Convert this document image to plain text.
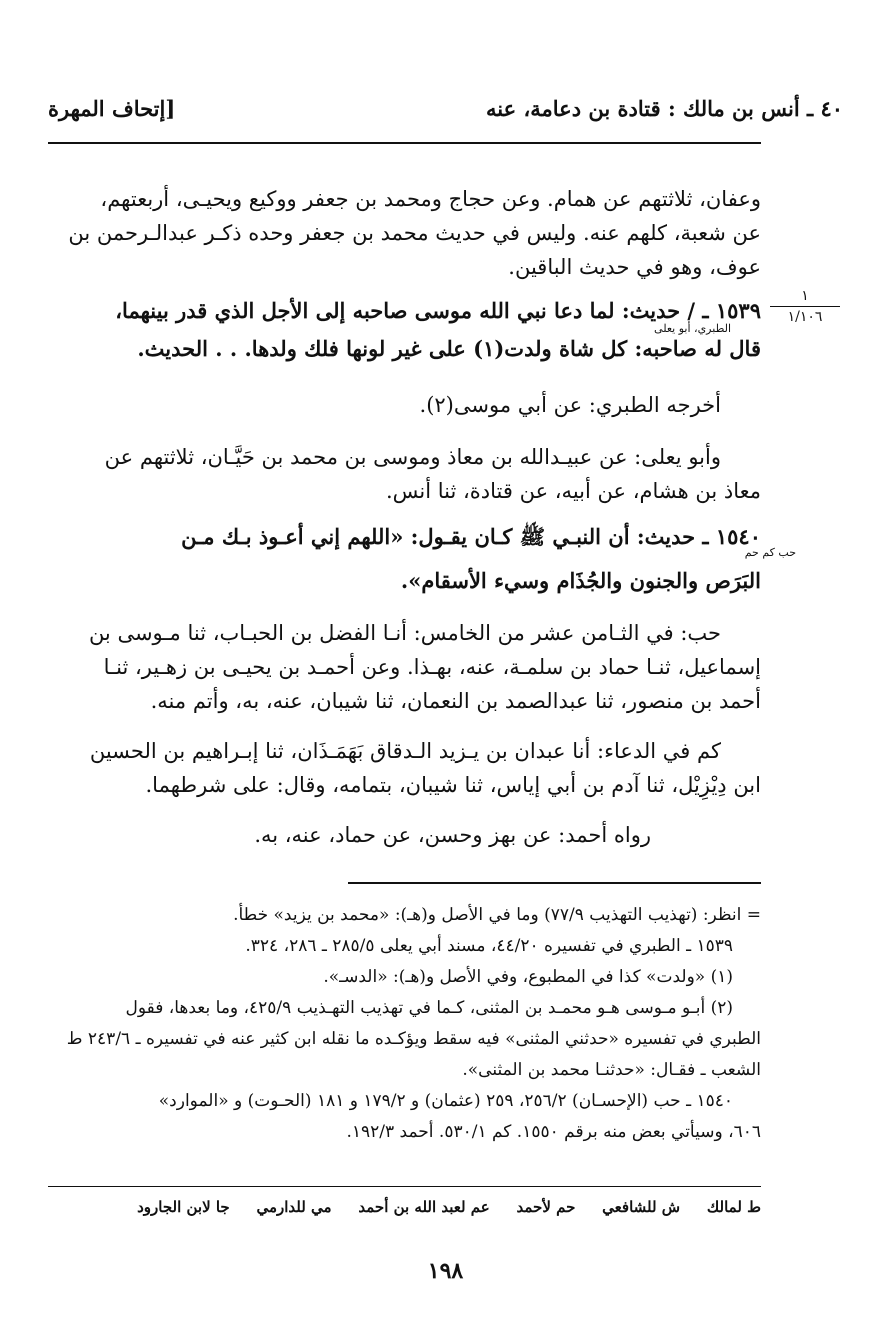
٤٠ ـ أنس بن مالك : قتادة بن دعامة، عنه
[إتحاف المهرة
١
١/١٠٦
الطبري، أبو يعلى
حب كم حم
وعفان، ثلاثتهم عن همام. وعن حجاج ومحمد بن جعفر ووكيع ويحيـى، أربعتهم،
عن شعبة، كلهم عنه. وليس في حديث محمد بن جعفر وحده ذكـر عبدالـرحمن بن
عوف، وهو في حديث الباقين.
١٥٣٩ ـ / حديث: لما دعا نبي الله موسى صاحبه إلى الأجل الذي قدر بينهما،
قال له صاحبه: كل شاة ولدت(١) على غير لونها فلك ولدها. . . الحديث.
أخرجه الطبري: عن أبي موسى(٢).
وأبو يعلى: عن عبيـدالله بن معاذ وموسى بن محمد بن حَيَّـان، ثلاثتهم عن
معاذ بن هشام، عن أبيه، عن قتادة، ثنا أنس.
١٥٤٠ ـ حديث: أن النبـي ﷺ كـان يقـول: «اللهم إني أعـوذ بـك مـن
البَرَص والجنون والجُذَام وسيء الأسقام».
حب: في الثـامن عشر من الخامس: أنـا الفضل بن الحبـاب، ثنا مـوسى بن
إسماعيل، ثنـا حماد بن سلمـة، عنه، بهـذا. وعن أحمـد بن يحيـى بن زهـير، ثنـا
أحمد بن منصور، ثنا عبدالصمد بن النعمان، ثنا شيبان، عنه، به، وأتم منه.
كم في الدعاء: أنا عبدان بن يـزيد الـدقاق بَهَمَـذَان، ثنا إبـراهيم بن الحسين
ابن دِيْزِيْل، ثنا آدم بن أبي إياس، ثنا شيبان، بتمامه، وقال: على شرطهما.
رواه أحمد: عن بهز وحسن، عن حماد، عنه، به.
= انظر: (تهذيب التهذيب ٧٧/٩) وما في الأصل و(هـ): «محمد بن يزيد» خطأ.
١٥٣٩ ـ الطبري في تفسيره ٤٤/٢٠، مسند أبي يعلى ٢٨٥/٥ ـ ٢٨٦، ٣٢٤.
(١) «ولدت» كذا في المطبوع، وفي الأصل و(هـ): «الدسـ».
(٢) أبـو مـوسى هـو محمـد بن المثنى، كـما في تهذيب التهـذيب ٤٢٥/٩، وما بعدها، فقول
الطبري في تفسيره «حدثني المثنى» فيه سقط ويؤكـده ما نقله ابن كثير عنه في تفسيره ـ ٢٤٣/٦ ط
الشعب ـ فقـال: «حدثنـا محمد بن المثنى».
١٥٤٠ ـ حب (الإحسـان) ٢٥٦/٢، ٢٥٩ (عثمان) و ١٧٩/٢ و ١٨١ (الحـوت) و «الموارد»
٦٠٦، وسيأتي بعض منه برقم ١٥٥٠. كم ٥٣٠/١. أحمد ١٩٢/٣.
ط لمالك ش للشافعي حم لأحمد عم لعبد الله بن أحمد مي للدارمي جا لابن الجارود
١٩٨
